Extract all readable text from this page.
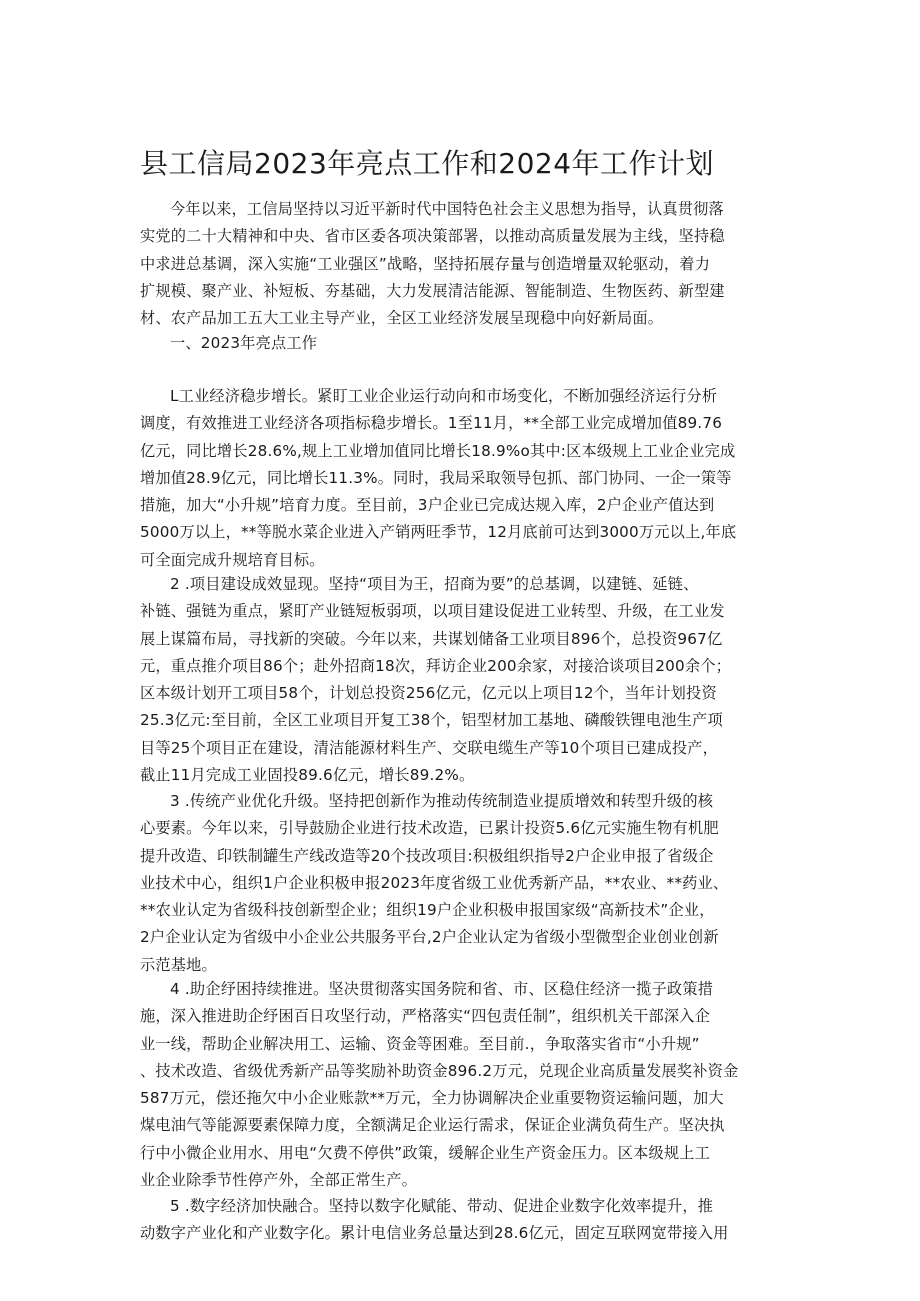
县工信局2023年亮点工作和2024年工作计划
今年以来，工信局坚持以习近平新时代中国特色社会主义思想为指导，认真贯彻落
实党的二十大精神和中央、省市区委各项决策部署，以推动高质量发展为主线，坚持稳
中求进总基调，深入实施“工业强区”战略，坚持拓展存量与创造增量双轮驱动，着力
扩规模、聚产业、补短板、夯基础，大力发展清洁能源、智能制造、生物医药、新型建
材、农产品加工五大工业主导产业，全区工业经济发展呈现稳中向好新局面。
一、2023年亮点工作
L工业经济稳步增长。紧盯工业企业运行动向和市场变化，不断加强经济运行分析
调度，有效推进工业经济各项指标稳步增长。1至11月，**全部工业完成增加值89.76
亿元，同比增长28.6%,规上工业增加值同比增长18.9%o其中:区本级规上工业企业完成
增加值28.9亿元，同比增长11.3%。同时，我局采取领导包抓、部门协同、一企一策等
措施，加大“小升规”培育力度。至目前，3户企业已完成达规入库，2户企业产值达到
5000万以上，**等脱水菜企业进入产销两旺季节，12月底前可达到3000万元以上,年底
可全面完成升规培育目标。
2 .项目建设成效显现。坚持“项目为王，招商为要”的总基调，以建链、延链、
补链、强链为重点，紧盯产业链短板弱项，以项目建设促进工业转型、升级，在工业发
展上谋篇布局，寻找新的突破。今年以来，共谋划储备工业项目896个，总投资967亿
元，重点推介项目86个；赴外招商18次，拜访企业200余家，对接洽谈项目200余个；
区本级计划开工项目58个，计划总投资256亿元，亿元以上项目12个，当年计划投资
25.3亿元:至目前，全区工业项目开复工38个，铝型材加工基地、磷酸铁锂电池生产项
目等25个项目正在建设，清洁能源材料生产、交联电缆生产等10个项目已建成投产，
截止11月完成工业固投89.6亿元，增长89.2%。
3 .传统产业优化升级。坚持把创新作为推动传统制造业提质增效和转型升级的核
心要素。今年以来，引导鼓励企业进行技术改造，已累计投资5.6亿元实施生物有机肥
提升改造、印铁制罐生产线改造等20个技改项目:积极组织指导2户企业申报了省级企
业技术中心，组织1户企业积极申报2023年度省级工业优秀新产品，**农业、**药业、
**农业认定为省级科技创新型企业；组织19户企业积极申报国家级“高新技术”企业，
2户企业认定为省级中小企业公共服务平台,2户企业认定为省级小型微型企业创业创新
示范基地。
4 .助企纾困持续推进。坚决贯彻落实国务院和省、市、区稳住经济一揽子政策措
施，深入推进助企纾困百日攻坚行动，严格落实“四包责任制”，组织机关干部深入企
业一线，帮助企业解决用工、运输、资金等困难。至目前.，争取落实省市“小升规”
、技术改造、省级优秀新产品等奖励补助资金896.2万元，兑现企业高质量发展奖补资金
587万元，偿还拖欠中小企业账款**万元，全力协调解决企业重要物资运输问题，加大
煤电油气等能源要素保障力度，全额满足企业运行需求，保证企业满负荷生产。坚决执
行中小微企业用水、用电“欠费不停供”政策，缓解企业生产资金压力。区本级规上工
业企业除季节性停产外，全部正常生产。
5 .数字经济加快融合。坚持以数字化赋能、带动、促进企业数字化效率提升，推
动数字产业化和产业数字化。累计电信业务总量达到28.6亿元，固定互联网宽带接入用
